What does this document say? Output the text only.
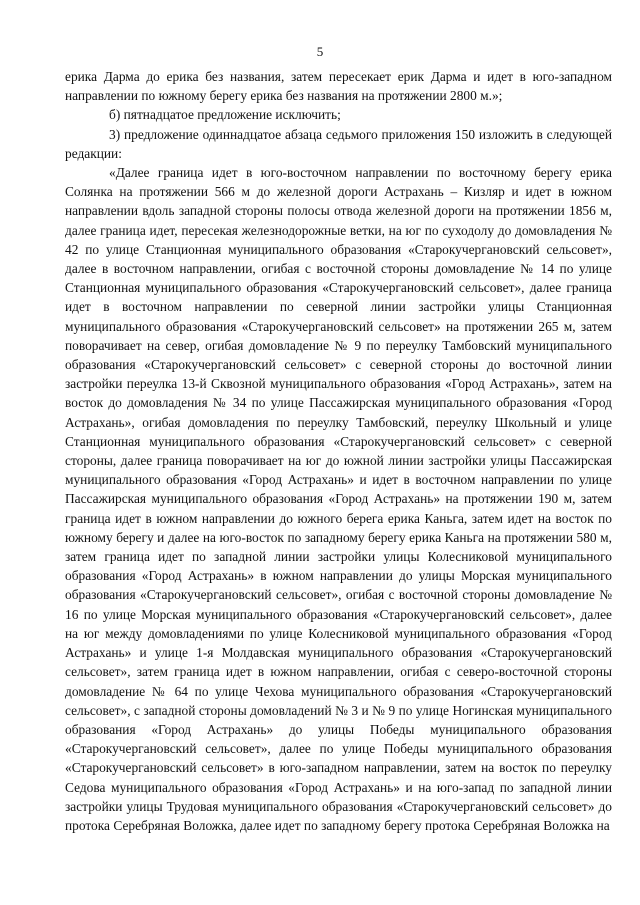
5

ерика Дарма до ерика без названия, затем пересекает ерик Дарма и идет в юго-западном направлении по южному берегу ерика без названия на протяжении 2800 м.»;

б) пятнадцатое предложение исключить;

3) предложение одиннадцатое абзаца седьмого приложения 150 изложить в следующей редакции:

«Далее граница идет в юго-восточном направлении по восточному берегу ерика Солянка на протяжении 566 м до железной дороги Астрахань – Кизляр и идет в южном направлении вдоль западной стороны полосы отвода железной дороги на протяжении 1856 м, далее граница идет, пересекая железнодорожные ветки, на юг по суходолу до домовладения № 42 по улице Станционная муниципального образования «Старокучергановский сельсовет», далее в восточном направлении, огибая с восточной стороны домовладение № 14 по улице Станционная муниципального образования «Старокучергановский сельсовет», далее граница идет в восточном направлении по северной линии застройки улицы Станционная муниципального образования «Старокучергановский сельсовет» на протяжении 265 м, затем поворачивает на север, огибая домовладение № 9 по переулку Тамбовский муниципального образования «Старокучергановский сельсовет» с северной стороны до восточной линии застройки переулка 13-й Сквозной муниципального образования «Город Астрахань», затем на восток до домовладения № 34 по улице Пассажирская муниципального образования «Город Астрахань», огибая домовладения по переулку Тамбовский, переулку Школьный и улице Станционная муниципального образования «Старокучергановский сельсовет» с северной стороны, далее граница поворачивает на юг до южной линии застройки улицы Пассажирская муниципального образования «Город Астрахань» и идет в восточном направлении по улице Пассажирская муниципального образования «Город Астрахань» на протяжении 190 м, затем граница идет в южном направлении до южного берега ерика Каньга, затем идет на восток по южному берегу и далее на юго-восток по западному берегу ерика Каньга на протяжении 580 м, затем граница идет по западной линии застройки улицы Колесниковой муниципального образования «Город Астрахань» в южном направлении до улицы Морская муниципального образования «Старокучергановский сельсовет», огибая с восточной стороны домовладение № 16 по улице Морская муниципального образования «Старокучергановский сельсовет», далее на юг между домовладениями по улице Колесниковой муниципального образования «Город Астрахань» и улице 1-я Молдавская муниципального образования «Старокучергановский сельсовет», затем граница идет в южном направлении, огибая с северо-восточной стороны домовладение № 64 по улице Чехова муниципального образования «Старокучергановский сельсовет», с западной стороны домовладений № 3 и № 9 по улице Ногинская муниципального образования «Город Астрахань» до улицы Победы муниципального образования «Старокучергановский сельсовет», далее по улице Победы муниципального образования «Старокучергановский сельсовет» в юго-западном направлении, затем на восток по переулку Седова муниципального образования «Город Астрахань» и на юго-запад по западной линии застройки улицы Трудовая муниципального образования «Старокучергановский сельсовет» до протока Серебряная Воложка, далее идет по западному берегу протока Серебряная Воложка на
